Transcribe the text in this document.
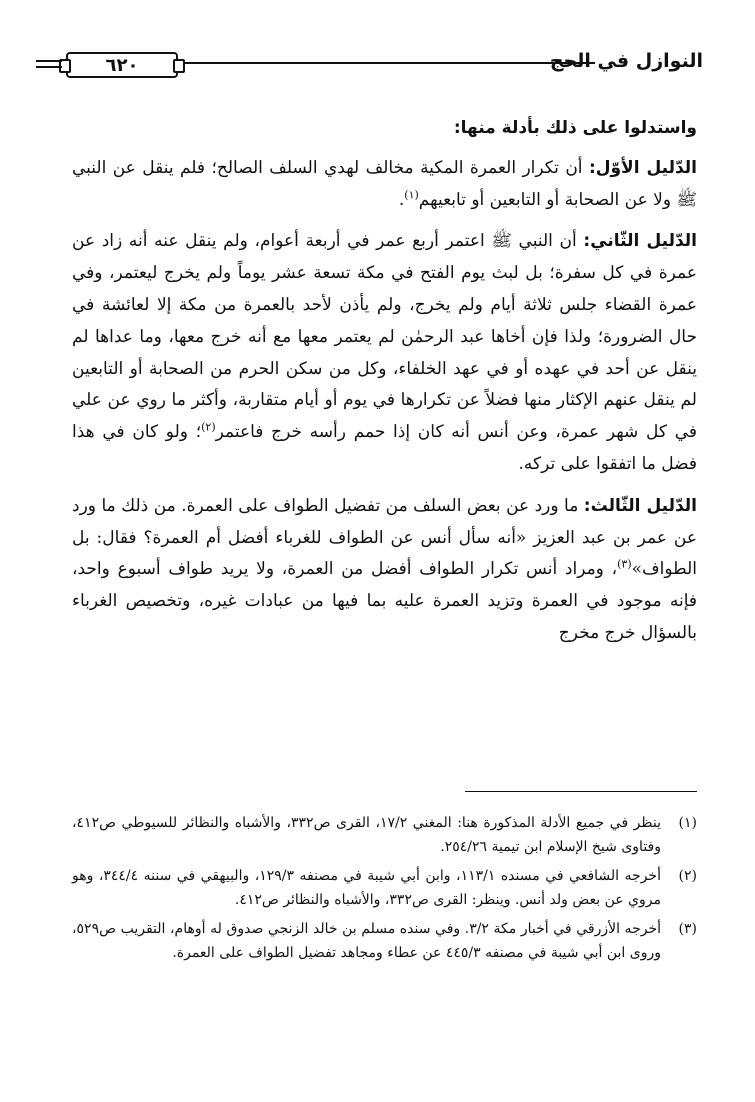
النوازل في الحج
٦٢٠

واستدلوا على ذلك بأدلة منها:

الدّليل الأوّل: أن تكرار العمرة المكية مخالف لهدي السلف الصالح؛ فلم ينقل عن النبي ﷺ ولا عن الصحابة أو التابعين أو تابعيهم$^{(١)}$.

الدّليل الثّاني: أن النبي ﷺ اعتمر أربع عمر في أربعة أعوام، ولم ينقل عنه أنه زاد عن عمرة في كل سفرة؛ بل لبث يوم الفتح في مكة تسعة عشر يوماً ولم يخرج ليعتمر، وفي عمرة القضاء جلس ثلاثة أيام ولم يخرج، ولم يأذن لأحد بالعمرة من مكة إلا لعائشة في حال الضرورة؛ ولذا فإن أخاها عبد الرحمٰن لم يعتمر معها مع أنه خرج معها، وما عداها لم ينقل عن أحد في عهده أو في عهد الخلفاء، وكل من سكن الحرم من الصحابة أو التابعين لم ينقل عنهم الإكثار منها فضلاً عن تكرارها في يوم أو أيام متقاربة، وأكثر ما روي عن علي في كل شهر عمرة، وعن أنس أنه كان إذا حمم رأسه خرج فاعتمر$^{(٢)}$؛ ولو كان في هذا فضل ما اتفقوا على تركه.

الدّليل الثّالث: ما ورد عن بعض السلف من تفضيل الطواف على العمرة. من ذلك ما ورد عن عمر بن عبد العزيز «أنه سأل أنس عن الطواف للغرباء أفضل أم العمرة؟ فقال: بل الطواف»$^{(٣)}$، ومراد أنس تكرار الطواف أفضل من العمرة، ولا يريد طواف أسبوع واحد، فإنه موجود في العمرة وتزيد العمرة عليه بما فيها من عبادات غيره، وتخصيص الغرباء بالسؤال خرج مخرج

(١)
ينظر في جميع الأدلة المذكورة هنا: المغني ١٧/٢، القرى ص٣٣٢، والأشباه والنظائر للسيوطي ص٤١٢، وفتاوى شيخ الإسلام ابن تيمية ٢٥٤/٢٦.
(٢)
أخرجه الشافعي في مسنده ١١٣/١، وابن أبي شيبة في مصنفه ١٢٩/٣، والبيهقي في سننه ٣٤٤/٤، وهو مروي عن بعض ولد أنس. وينظر: القرى ص٣٣٢، والأشباه والنظائر ص٤١٢.
(٣)
أخرجه الأزرقي في أخبار مكة ٣/٢. وفي سنده مسلم بن خالد الزنجي صدوق له أوهام، التقريب ص٥٢٩، وروى ابن أبي شيبة في مصنفه ٤٤٥/٣ عن عطاء ومجاهد تفضيل الطواف على العمرة.
